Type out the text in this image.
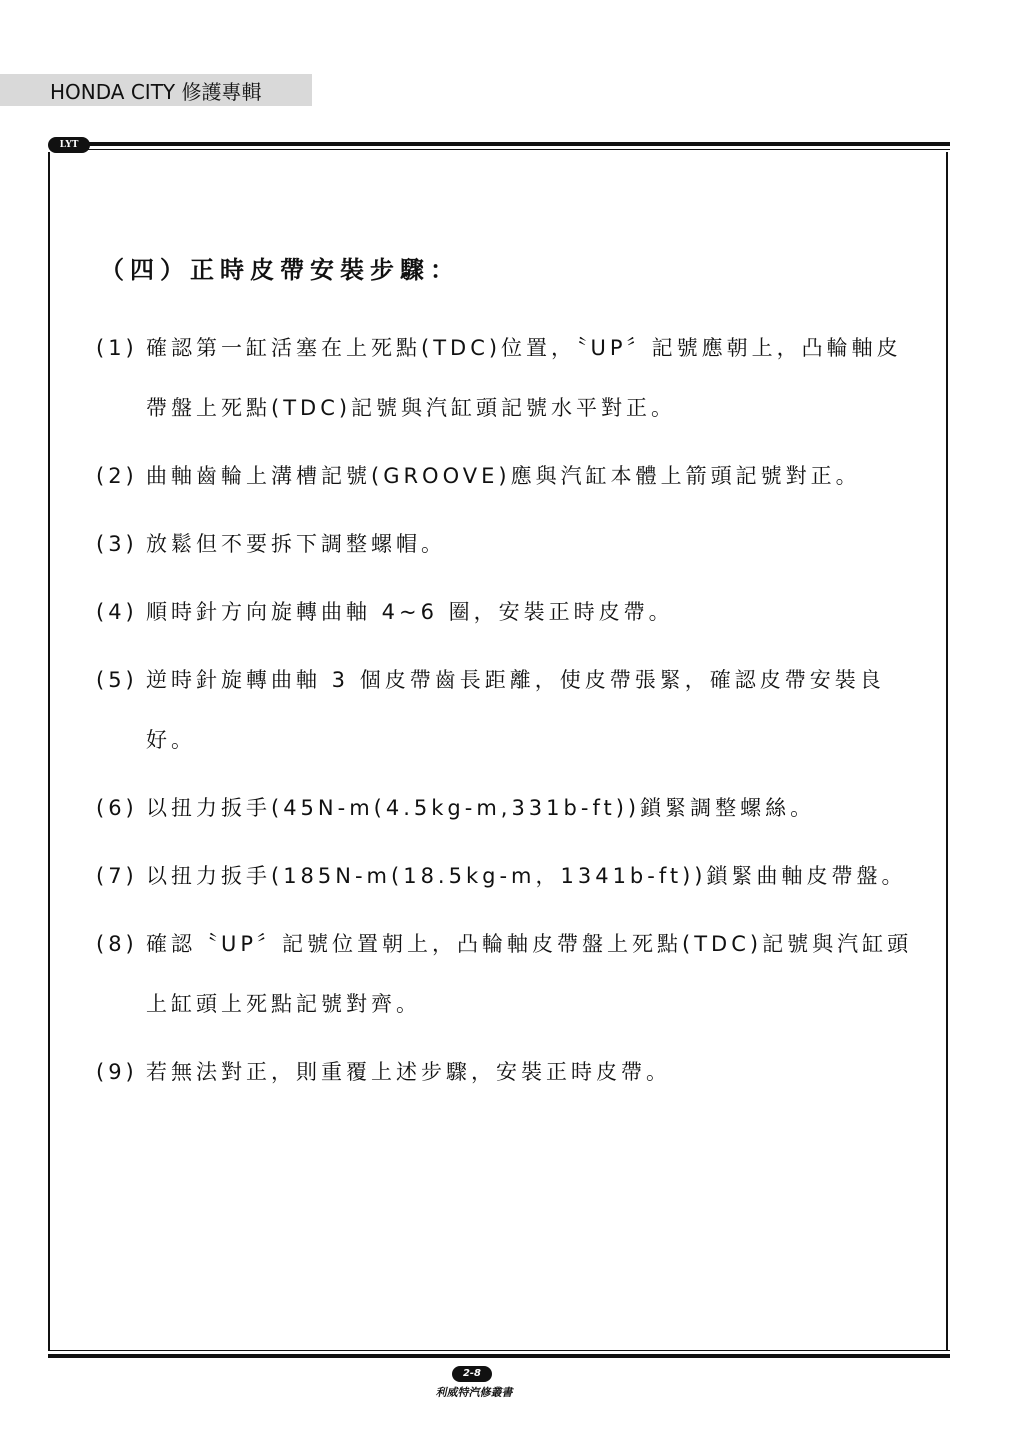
HONDA CITY 修護專輯
LYT
（四）正時皮帶安裝步驟：
(1) 確認第一缸活塞在上死點(TDC)位置，〝UP〞記號應朝上，凸輪軸皮帶盤上死點(TDC)記號與汽缸頭記號水平對正。
(2) 曲軸齒輪上溝槽記號(GROOVE)應與汽缸本體上箭頭記號對正。
(3) 放鬆但不要拆下調整螺帽。
(4) 順時針方向旋轉曲軸 4~6 圈，安裝正時皮帶。
(5) 逆時針旋轉曲軸 3 個皮帶齒長距離，使皮帶張緊，確認皮帶安裝良好。
(6) 以扭力扳手(45N-m(4.5kg-m,331b-ft))鎖緊調整螺絲。
(7) 以扭力扳手(185N-m(18.5kg-m，1341b-ft))鎖緊曲軸皮帶盤。
(8) 確認〝UP〞記號位置朝上，凸輪軸皮帶盤上死點(TDC)記號與汽缸頭上缸頭上死點記號對齊。
(9) 若無法對正，則重覆上述步驟，安裝正時皮帶。
2-8
利威特汽修叢書
